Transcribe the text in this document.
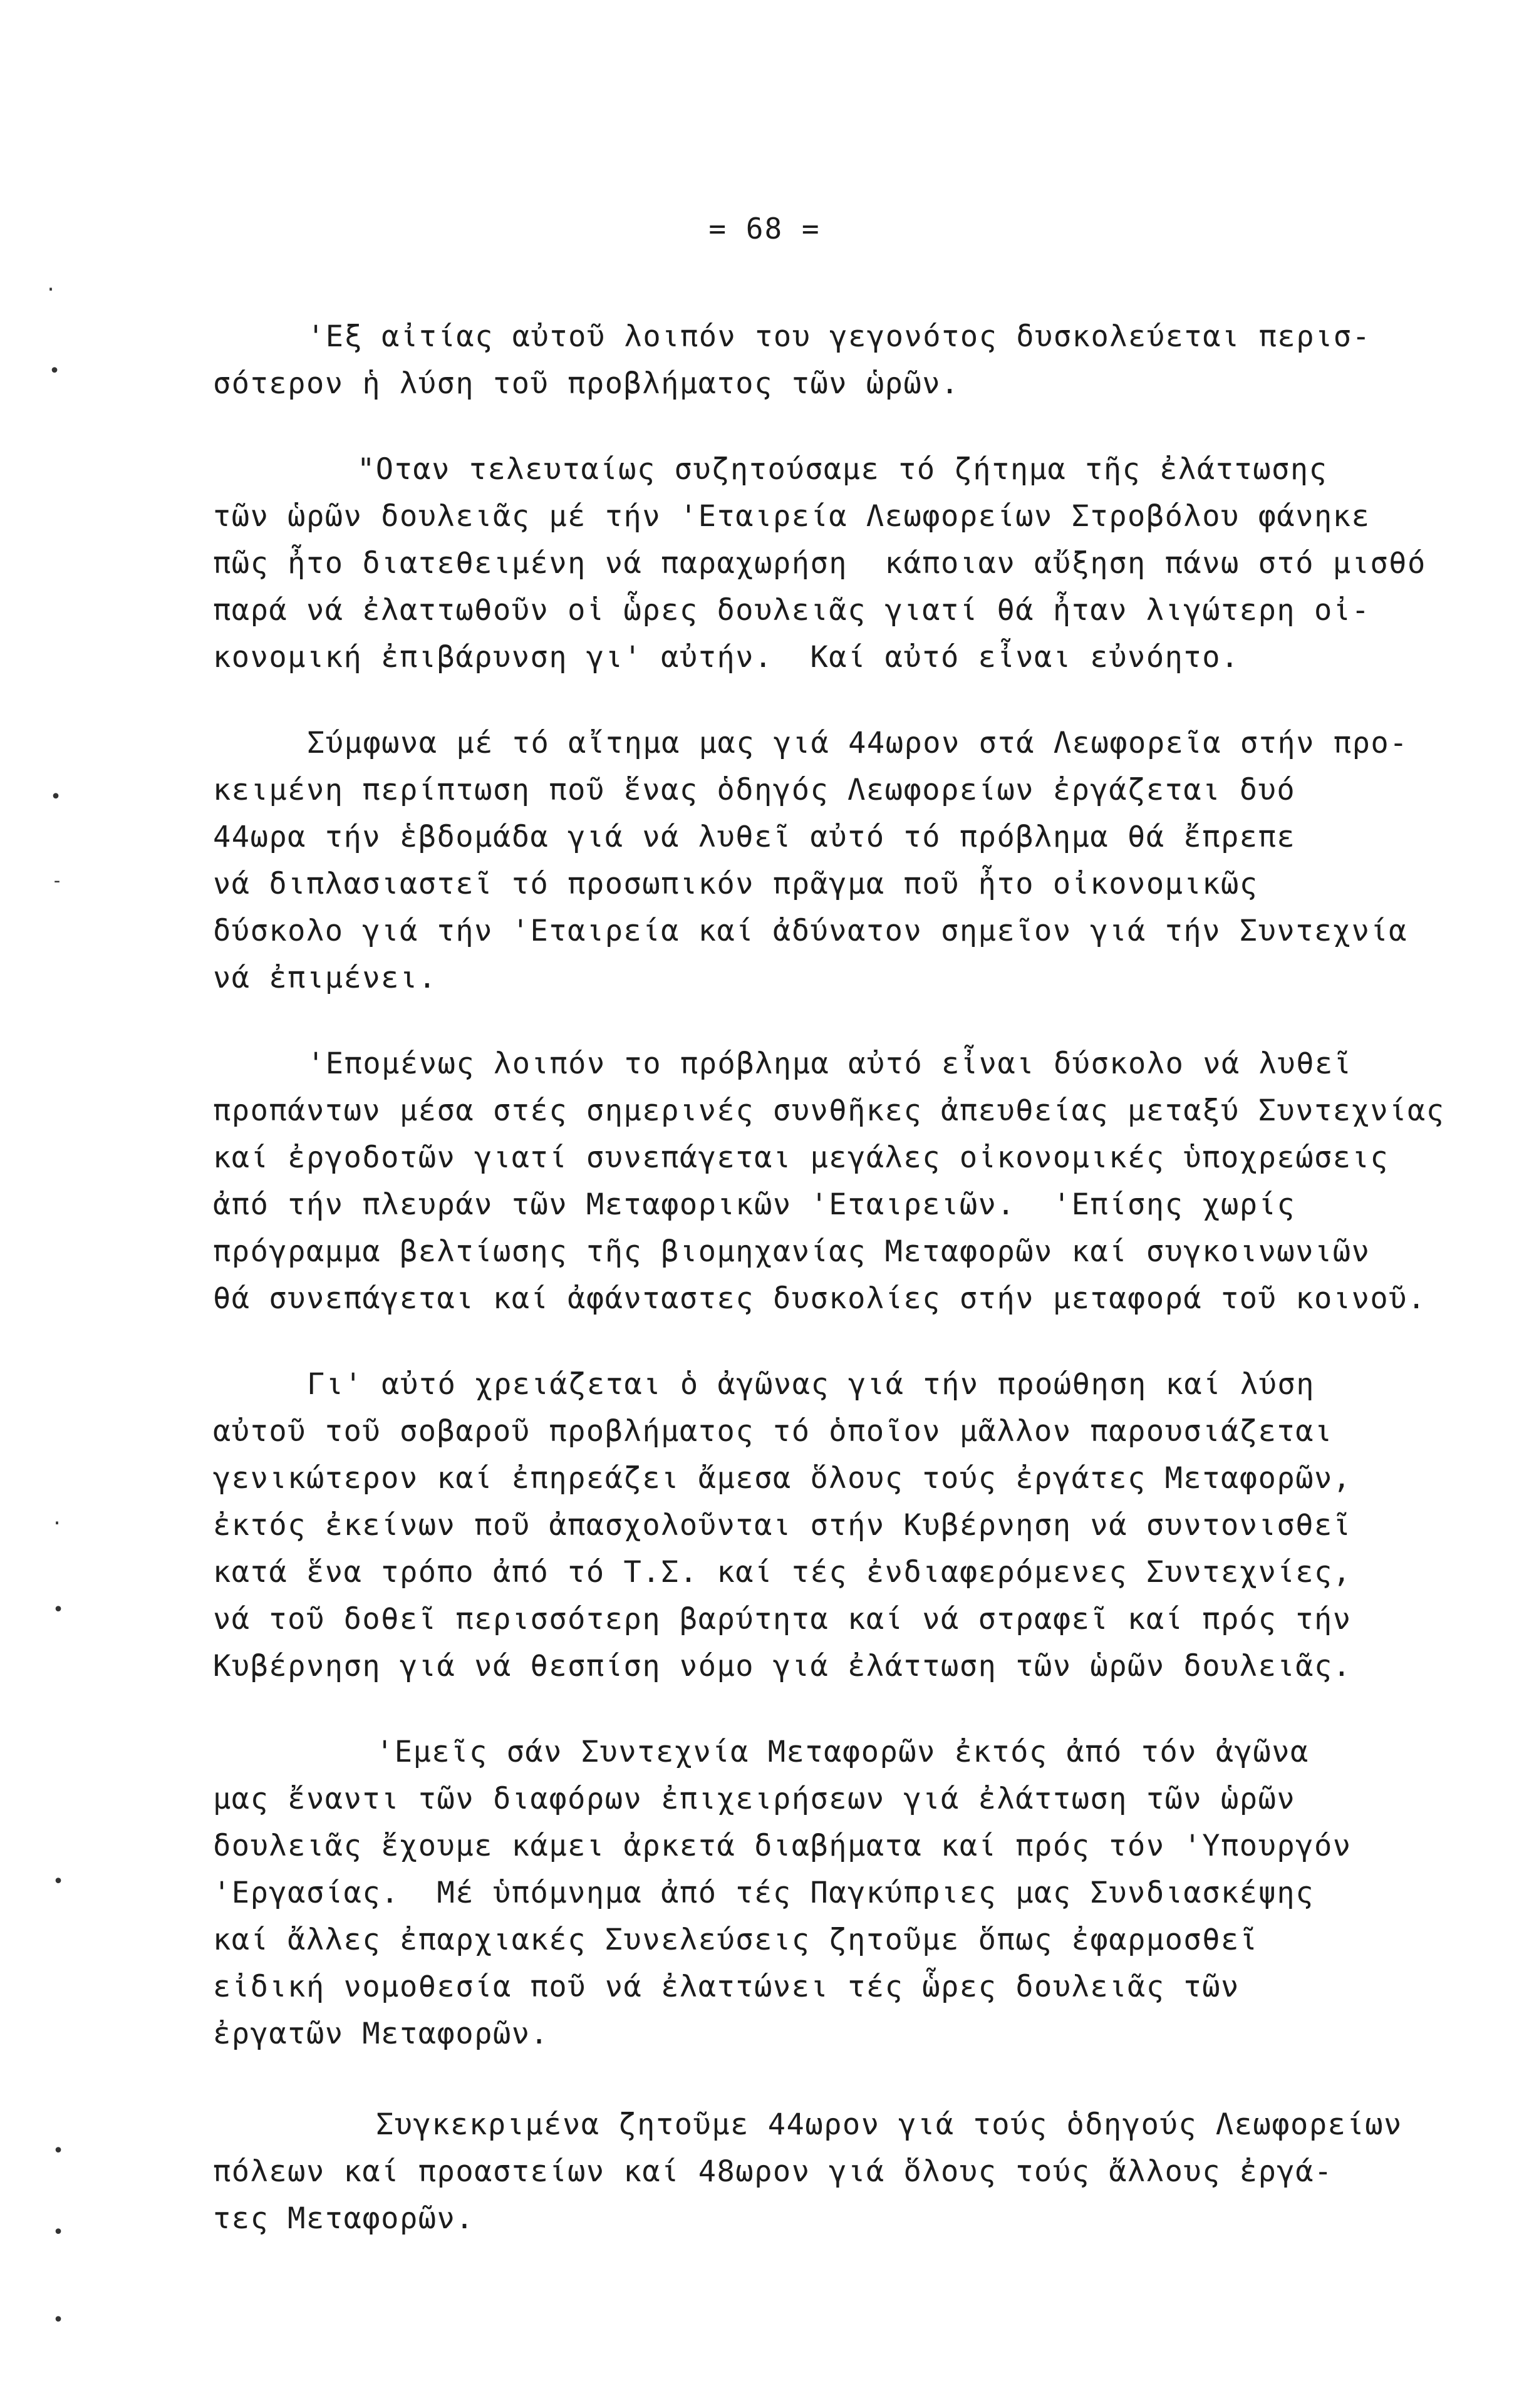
= 68 =
.
•
•
-
.
•
•
•
•
•
'Εξ αἰτίας αὐτοῦ λοιπόν του γεγονότος δυσκολεύεται περισ-
σότερον ἡ λύση τοῦ προβλήματος τῶν ὡρῶν.
"Οταν τελευταίως συζητούσαμε τό ζήτημα τῆς ἐλάττωσης
τῶν ὡρῶν δουλειᾶς μέ τήν 'Εταιρεία Λεωφορείων Στροβόλου φάνηκε
πῶς ἦτο διατεθειμένη νά παραχωρήση  κάποιαν αὔξηση πάνω στό μισθό
παρά νά ἐλαττωθοῦν οἱ ὧρες δουλειᾶς γιατί θά ἦταν λιγώτερη οἰ-
κονομική ἐπιβάρυνση γι' αὐτήν.  Καί αὐτό εἶναι εὐνόητο.
Σύμφωνα μέ τό αἴτημα μας γιά 44ωρον στά Λεωφορεῖα στήν προ-
κειμένη περίπτωση ποῦ ἕνας ὁδηγός Λεωφορείων ἐργάζεται δυό
44ωρα τήν ἑβδομάδα γιά νά λυθεῖ αὐτό τό πρόβλημα θά ἔπρεπε
νά διπλασιαστεῖ τό προσωπικόν πρᾶγμα ποῦ ἦτο οἰκονομικῶς
δύσκολο γιά τήν 'Εταιρεία καί ἀδύνατον σημεῖον γιά τήν Συντεχνία
νά ἐπιμένει.
'Επομένως λοιπόν το πρόβλημα αὐτό εἶναι δύσκολο νά λυθεῖ
προπάντων μέσα στές σημερινές συνθῆκες ἀπευθείας μεταξύ Συντεχνίας
καί ἐργοδοτῶν γιατί συνεπάγεται μεγάλες οἰκονομικές ὑποχρεώσεις
ἀπό τήν πλευράν τῶν Μεταφορικῶν 'Εταιρειῶν.  'Επίσης χωρίς
πρόγραμμα βελτίωσης τῆς βιομηχανίας Μεταφορῶν καί συγκοινωνιῶν
θά συνεπάγεται καί ἀφάνταστες δυσκολίες στήν μεταφορά τοῦ κοινοῦ.
Γι' αὐτό χρειάζεται ὁ ἀγῶνας γιά τήν προώθηση καί λύση
αὐτοῦ τοῦ σοβαροῦ προβλήματος τό ὁποῖον μᾶλλον παρουσιάζεται
γενικώτερον καί ἐπηρεάζει ἄμεσα ὅλους τούς ἐργάτες Μεταφορῶν,
ἐκτός ἐκείνων ποῦ ἀπασχολοῦνται στήν Κυβέρνηση νά συντονισθεῖ
κατά ἕνα τρόπο ἀπό τό Τ.Σ. καί τές ἐνδιαφερόμενες Συντεχνίες,
νά τοῦ δοθεῖ περισσότερη βαρύτητα καί νά στραφεῖ καί πρός τήν
Κυβέρνηση γιά νά θεσπίση νόμο γιά ἐλάττωση τῶν ὡρῶν δουλειᾶς.
'Εμεῖς σάν Συντεχνία Μεταφορῶν ἐκτός ἀπό τόν ἀγῶνα
μας ἔναντι τῶν διαφόρων ἐπιχειρήσεων γιά ἐλάττωση τῶν ὡρῶν
δουλειᾶς ἔχουμε κάμει ἀρκετά διαβήματα καί πρός τόν 'Υπουργόν
'Εργασίας.  Μέ ὑπόμνημα ἀπό τές Παγκύπριες μας Συνδιασκέψης
καί ἄλλες ἐπαρχιακές Συνελεύσεις ζητοῦμε ὅπως ἐφαρμοσθεῖ
εἰδική νομοθεσία ποῦ νά ἐλαττώνει τές ὧρες δουλειᾶς τῶν
ἐργατῶν Μεταφορῶν.
Συγκεκριμένα ζητοῦμε 44ωρον γιά τούς ὁδηγούς Λεωφορείων
πόλεων καί προαστείων καί 48ωρον γιά ὅλους τούς ἄλλους ἐργά-
τες Μεταφορῶν.
